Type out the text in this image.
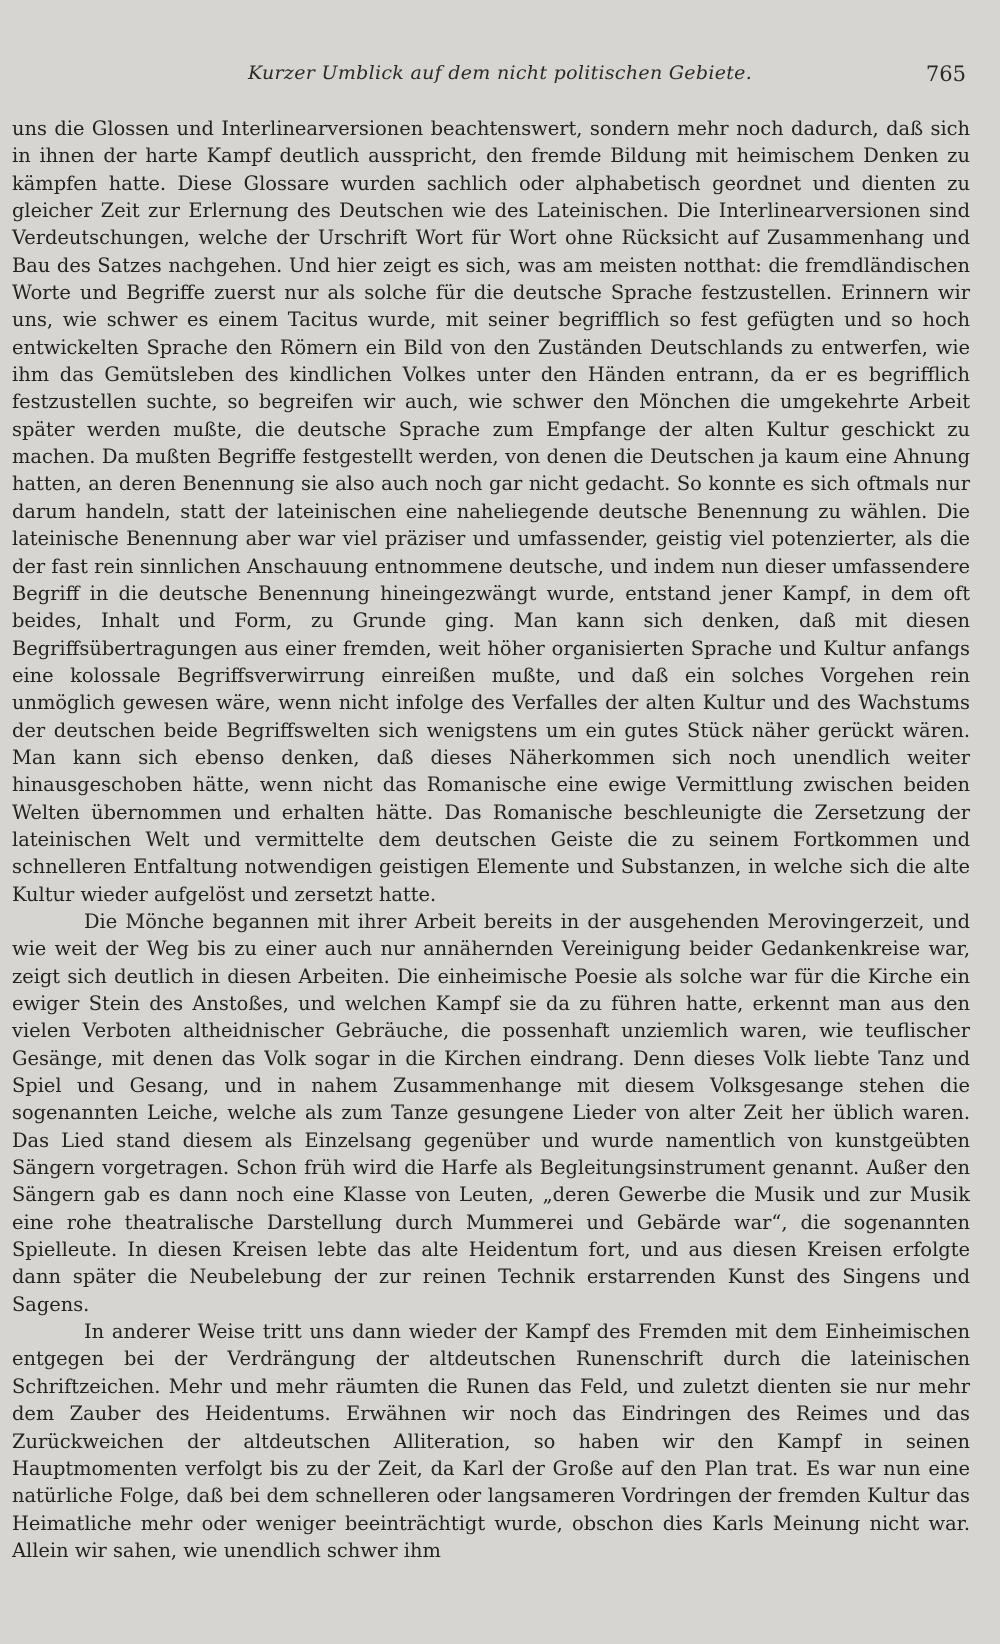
Kurzer Umblick auf dem nicht politischen Gebiete.	765

uns die Glossen und Interlinearversionen beachtenswert, sondern mehr noch dadurch, daß sich in ihnen der harte Kampf deutlich ausspricht, den fremde Bildung mit heimischem Denken zu kämpfen hatte. Diese Glossare wurden sachlich oder alphabetisch geordnet und dienten zu gleicher Zeit zur Erlernung des Deutschen wie des Lateinischen. Die Interlinearversionen sind Verdeutschungen, welche der Urschrift Wort für Wort ohne Rücksicht auf Zusammenhang und Bau des Satzes nachgehen. Und hier zeigt es sich, was am meisten notthat: die fremdländischen Worte und Begriffe zuerst nur als solche für die deutsche Sprache festzustellen. Erinnern wir uns, wie schwer es einem Tacitus wurde, mit seiner begrifflich so fest gefügten und so hoch entwickelten Sprache den Römern ein Bild von den Zuständen Deutschlands zu entwerfen, wie ihm das Gemütsleben des kindlichen Volkes unter den Händen entrann, da er es begrifflich festzustellen suchte, so begreifen wir auch, wie schwer den Mönchen die umgekehrte Arbeit später werden mußte, die deutsche Sprache zum Empfange der alten Kultur geschickt zu machen. Da mußten Begriffe festgestellt werden, von denen die Deutschen ja kaum eine Ahnung hatten, an deren Benennung sie also auch noch gar nicht gedacht. So konnte es sich oftmals nur darum handeln, statt der lateinischen eine naheliegende deutsche Benennung zu wählen. Die lateinische Benennung aber war viel präziser und umfassender, geistig viel potenzierter, als die der fast rein sinnlichen Anschauung entnommene deutsche, und indem nun dieser umfassendere Begriff in die deutsche Benennung hineingezwängt wurde, entstand jener Kampf, in dem oft beides, Inhalt und Form, zu Grunde ging. Man kann sich denken, daß mit diesen Begriffsübertragungen aus einer fremden, weit höher organisierten Sprache und Kultur anfangs eine kolossale Begriffsverwirrung einreißen mußte, und daß ein solches Vorgehen rein unmöglich gewesen wäre, wenn nicht infolge des Verfalles der alten Kultur und des Wachstums der deutschen beide Begriffswelten sich wenigstens um ein gutes Stück näher gerückt wären. Man kann sich ebenso denken, daß dieses Näherkommen sich noch unendlich weiter hinausgeschoben hätte, wenn nicht das Romanische eine ewige Vermittlung zwischen beiden Welten übernommen und erhalten hätte. Das Romanische beschleunigte die Zersetzung der lateinischen Welt und vermittelte dem deutschen Geiste die zu seinem Fortkommen und schnelleren Entfaltung notwendigen geistigen Elemente und Substanzen, in welche sich die alte Kultur wieder aufgelöst und zersetzt hatte.

Die Mönche begannen mit ihrer Arbeit bereits in der ausgehenden Merovingerzeit, und wie weit der Weg bis zu einer auch nur annähernden Vereinigung beider Gedankenkreise war, zeigt sich deutlich in diesen Arbeiten. Die einheimische Poesie als solche war für die Kirche ein ewiger Stein des Anstoßes, und welchen Kampf sie da zu führen hatte, erkennt man aus den vielen Verboten altheidnischer Gebräuche, die possenhaft unziemlich waren, wie teuflischer Gesänge, mit denen das Volk sogar in die Kirchen eindrang. Denn dieses Volk liebte Tanz und Spiel und Gesang, und in nahem Zusammenhange mit diesem Volksgesange stehen die sogenannten Leiche, welche als zum Tanze gesungene Lieder von alter Zeit her üblich waren. Das Lied stand diesem als Einzelsang gegenüber und wurde namentlich von kunstgeübten Sängern vorgetragen. Schon früh wird die Harfe als Begleitungsinstrument genannt. Außer den Sängern gab es dann noch eine Klasse von Leuten, „deren Gewerbe die Musik und zur Musik eine rohe theatralische Darstellung durch Mummerei und Gebärde war“, die sogenannten Spielleute. In diesen Kreisen lebte das alte Heidentum fort, und aus diesen Kreisen erfolgte dann später die Neubelebung der zur reinen Technik erstarrenden Kunst des Singens und Sagens.

In anderer Weise tritt uns dann wieder der Kampf des Fremden mit dem Einheimischen entgegen bei der Verdrängung der altdeutschen Runenschrift durch die lateinischen Schriftzeichen. Mehr und mehr räumten die Runen das Feld, und zuletzt dienten sie nur mehr dem Zauber des Heidentums. Erwähnen wir noch das Eindringen des Reimes und das Zurückweichen der altdeutschen Alliteration, so haben wir den Kampf in seinen Hauptmomenten verfolgt bis zu der Zeit, da Karl der Große auf den Plan trat. Es war nun eine natürliche Folge, daß bei dem schnelleren oder langsameren Vordringen der fremden Kultur das Heimatliche mehr oder weniger beeinträchtigt wurde, obschon dies Karls Meinung nicht war. Allein wir sahen, wie unendlich schwer ihm
